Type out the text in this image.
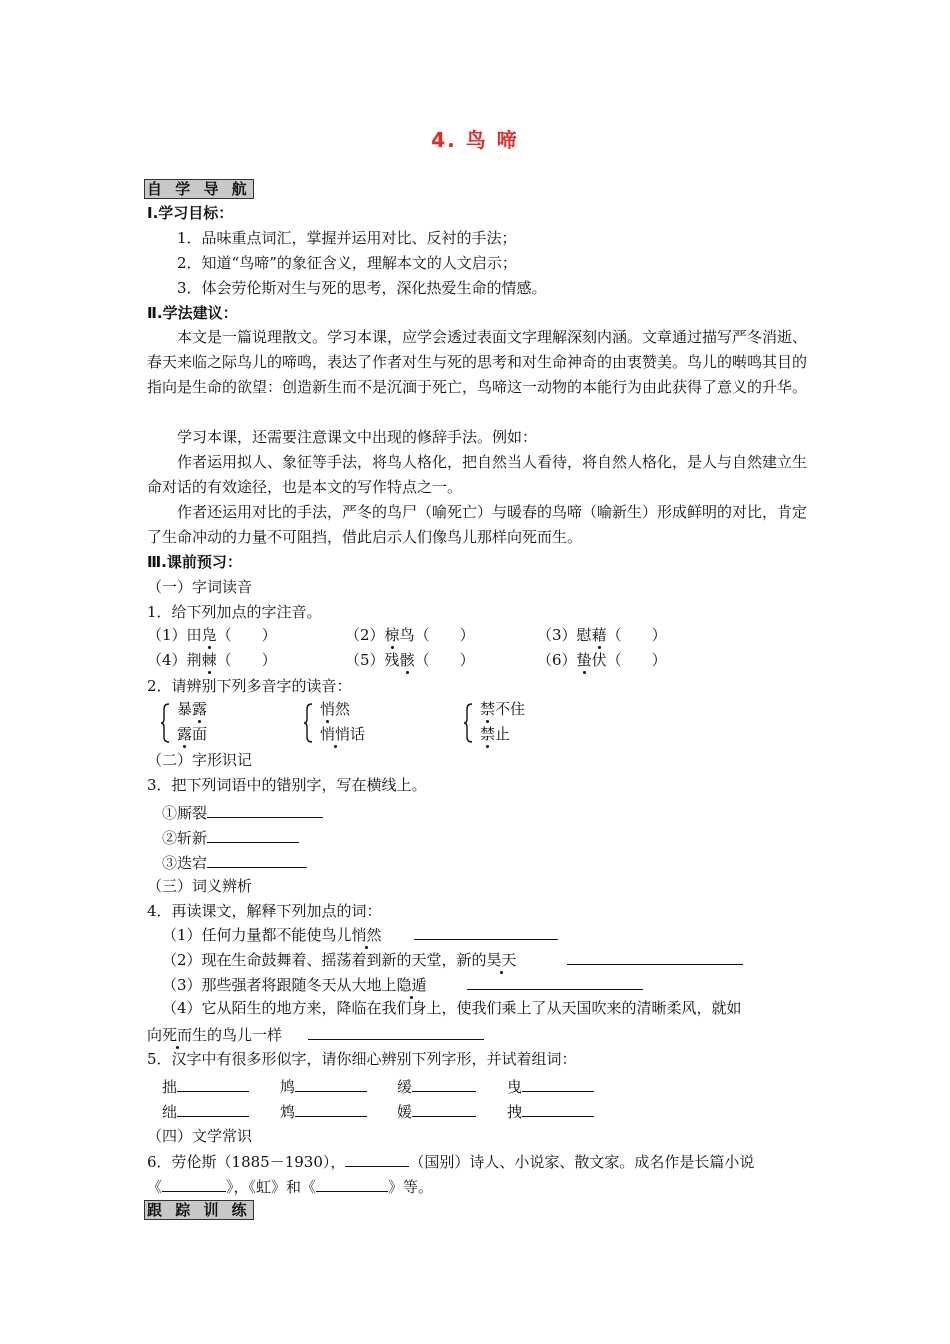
4. 鸟 啼
自 学 导 航
Ⅰ.学习目标：
1．品味重点词汇，掌握并运用对比、反衬的手法；
2．知道“鸟啼”的象征含义，理解本文的人文启示；
3．体会劳伦斯对生与死的思考，深化热爱生命的情感。
Ⅱ.学法建议：
本文是一篇说理散文。学习本课，应学会透过表面文字理解深刻内涵。文章通过描写严冬消逝、春天来临之际鸟儿的啼鸣，表达了作者对生与死的思考和对生命神奇的由衷赞美。鸟儿的啭鸣其目的指向是生命的欲望：创造新生而不是沉湎于死亡，鸟啼这一动物的本能行为由此获得了意义的升华。
学习本课，还需要注意课文中出现的修辞手法。例如：
作者运用拟人、象征等手法，将鸟人格化，把自然当人看待，将自然人格化，是人与自然建立生命对话的有效途径，也是本文的写作特点之一。
作者还运用对比的手法，严冬的鸟尸（喻死亡）与暖春的鸟啼（喻新生）形成鲜明的对比，肯定了生命冲动的力量不可阻挡，借此启示人们像鸟儿那样向死而生。
Ⅲ.课前预习：
（一）字词读音
1．给下列加点的字注音。
（1）田凫（　　）	（2）椋鸟（　　）	（3）慰藉（　　）
（4）荆棘（　　）	（5）残骸（　　）	（6）蛰伏（　　）
2．请辨别下列多音字的读音：
暴露
露面
悄然
悄悄话
禁不住
禁止
（二）字形识记
3．把下列词语中的错别字，写在横线上。
①厮裂
②斩新
③迭宕
（三）词义辨析
4．再读课文，解释下列加点的词：
（1）任何力量都不能使鸟儿悄然
（2）现在生命鼓舞着、摇荡着到新的天堂，新的昊天
（3）那些强者将跟随冬天从大地上隐遁
（4）它从陌生的地方来，降临在我们身上，使我们乘上了从天国吹来的清晰柔风，就如
向死而生的鸟儿一样
5．汉字中有很多形似字，请你细心辨别下列字形，并试着组词：
拙	鸠	缓	曳
绌	鸩	媛	拽
（四）文学常识
6．劳伦斯（1885－1930），	（国别）诗人、小说家、散文家。成名作是长篇小说
《	》，《虹》和《	》等。
跟 踪 训 练
